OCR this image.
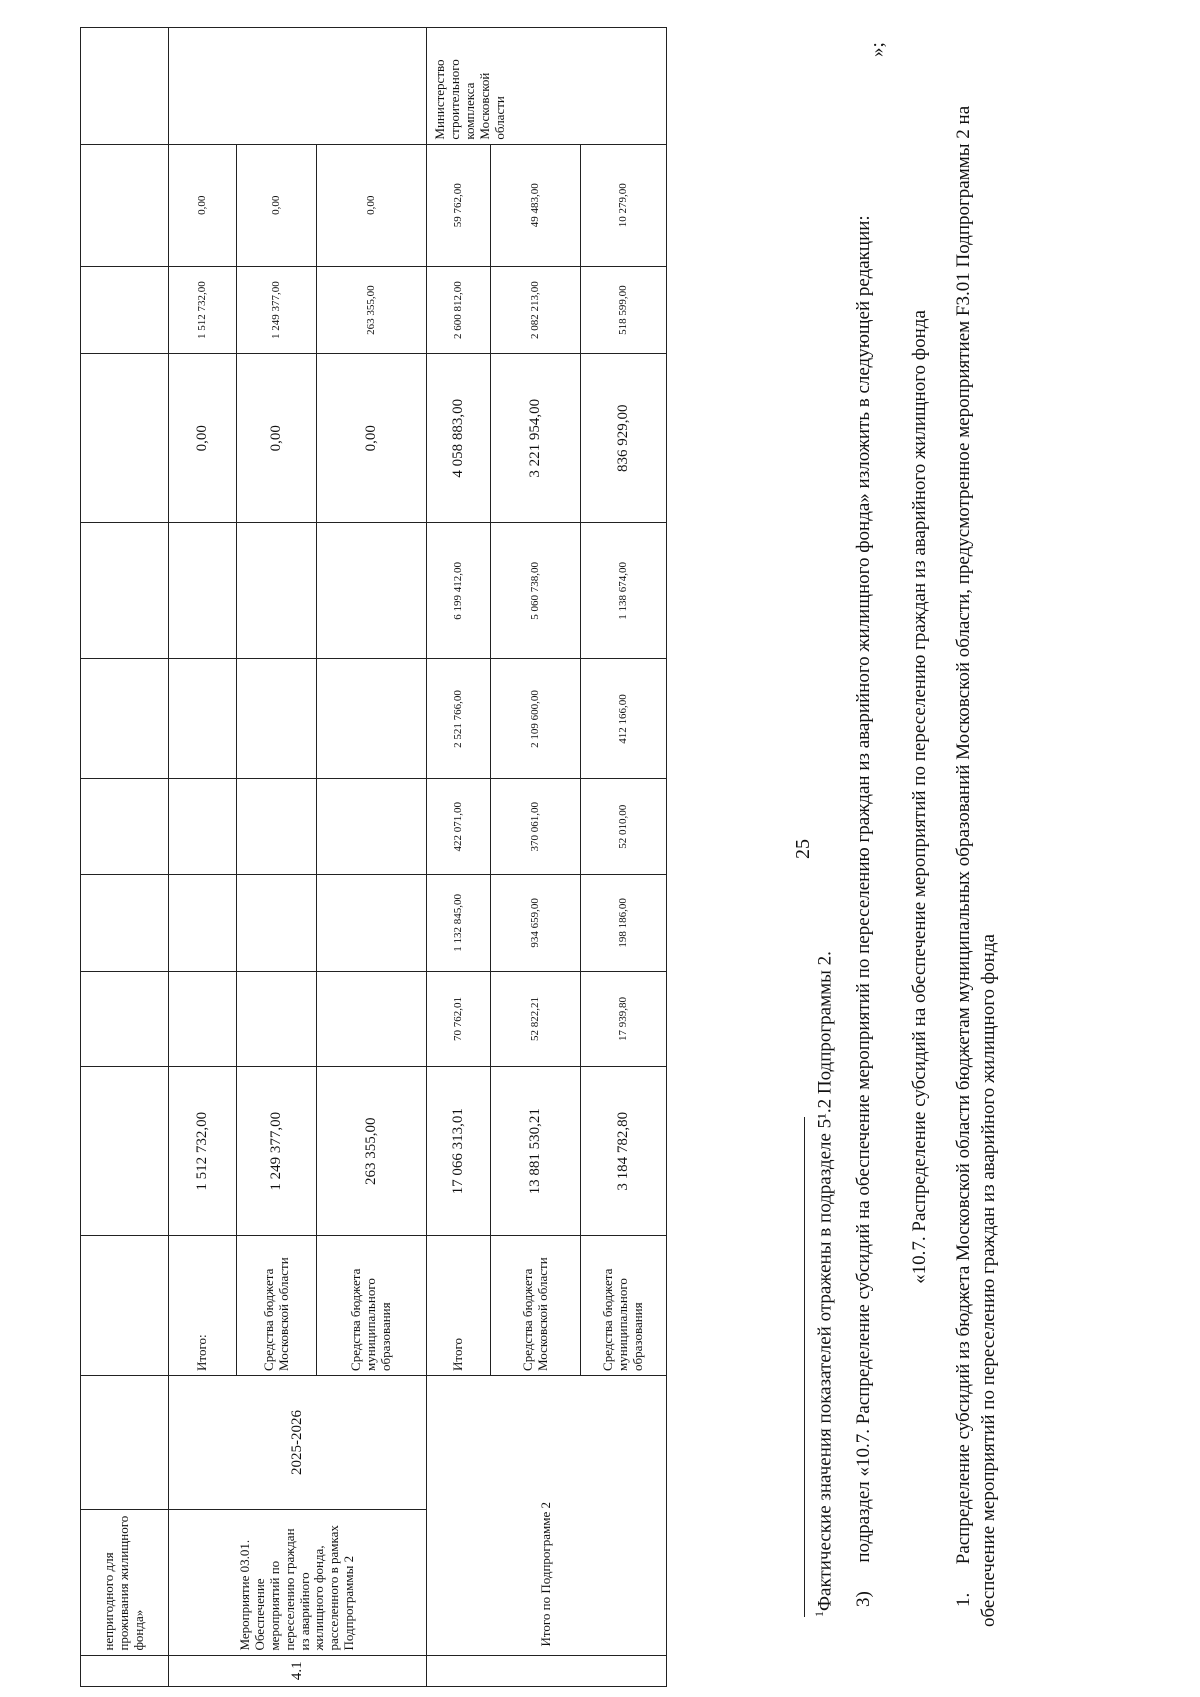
25
	непригодного для проживания жилищного фонда»												
4.1	Мероприятие 03.01. Обеспечение мероприятий по переселению граждан из аварийного жилищного фонда, расселенного в рамках Подпрограммы 2	2025-2026	Итого:	1 512 732,00						0,00	1 512 732,00	0,00	
			Средства бюджета Московской области	1 249 377,00						0,00	1 249 377,00	0,00	
			Средства бюджета муниципального образования	263 355,00						0,00	263 355,00	0,00	
	Итого по Подпрограмме 2		Итого	17 066 313,01	70 762,01	1 132 845,00	422 071,00	2 521 766,00	6 199 412,00	4 058 883,00	2 600 812,00	59 762,00	Министерство строительного комплекса Московской области
			Средства бюджета Московской области	13 881 530,21	52 822,21	934 659,00	370 061,00	2 109 600,00	5 060 738,00	3 221 954,00	2 082 213,00	49 483,00	
			Средства бюджета муниципального образования	3 184 782,80	17 939,80	198 186,00	52 010,00	412 166,00	1 138 674,00	836 929,00	518 599,00	10 279,00	
»;
$^1$Фактические значения показателей отражены в подразделе 5¹.2 Подпрограммы 2. 3)      подраздел «10.7. Распределение субсидий на обеспечение мероприятий по переселению граждан из аварийного жилищного фонда» изложить в следующей редакции: «10.7. Распределение субсидий на обеспечение мероприятий по переселению граждан из аварийного жилищного фонда

1.      Распределение субсидий из бюджета Московской области бюджетам муниципальных образований Московской области, предусмотренное мероприятием F3.01 Подпрограммы 2 на обеспечение мероприятий по переселению граждан из аварийного жилищного фонда
